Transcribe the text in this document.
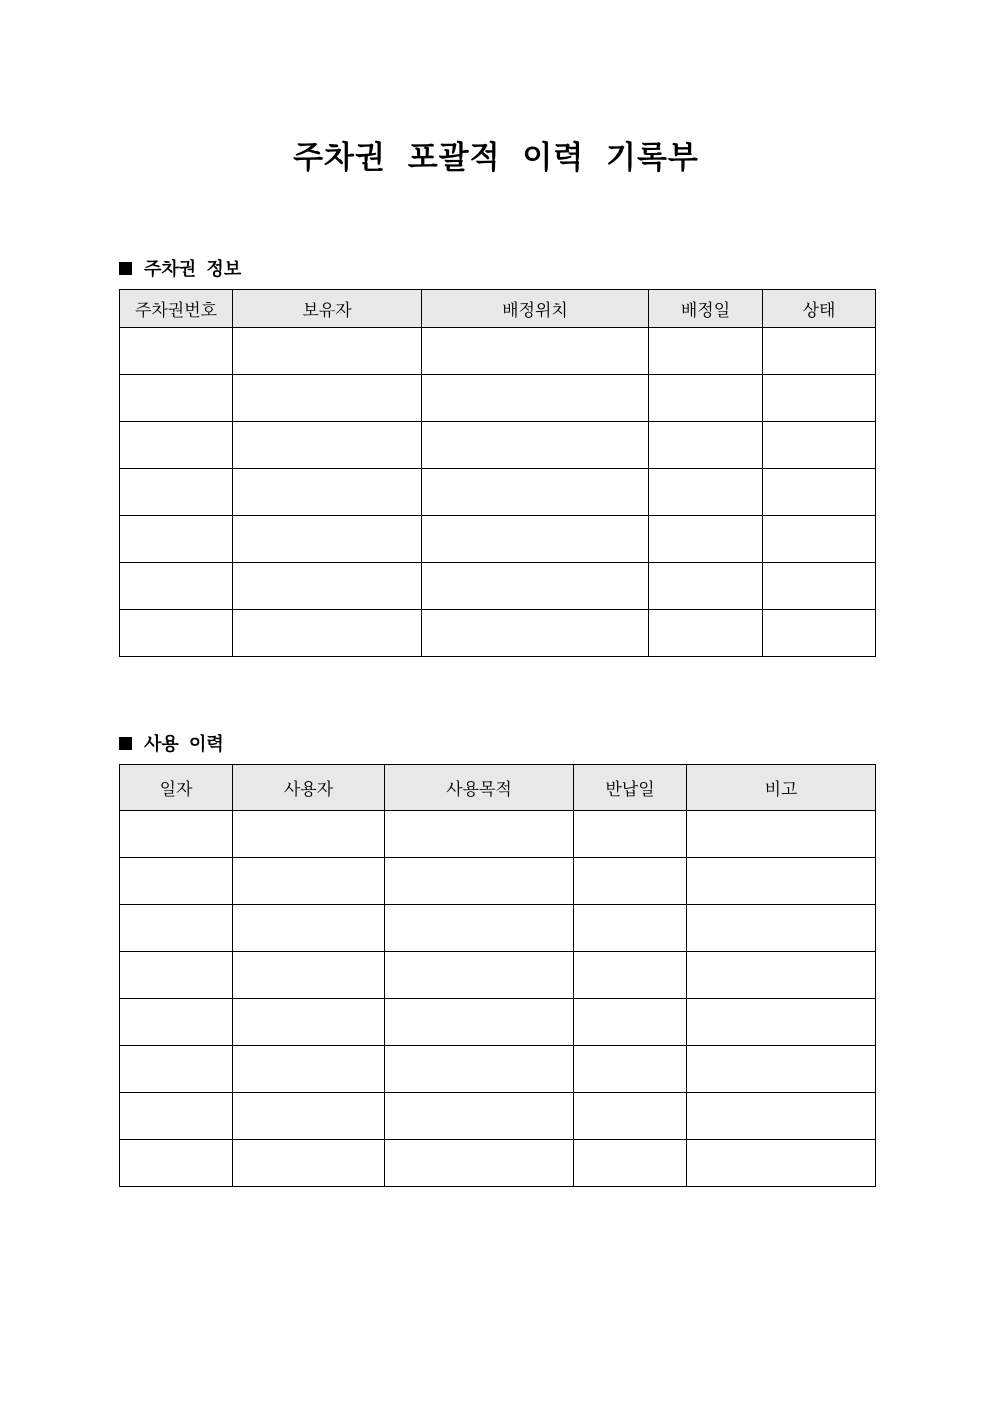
주차권 포괄적 이력 기록부
주차권 정보
주차권번호	보유자	배정위치	배정일	상태

사용 이력
일자	사용자	사용목적	반납일	비고
